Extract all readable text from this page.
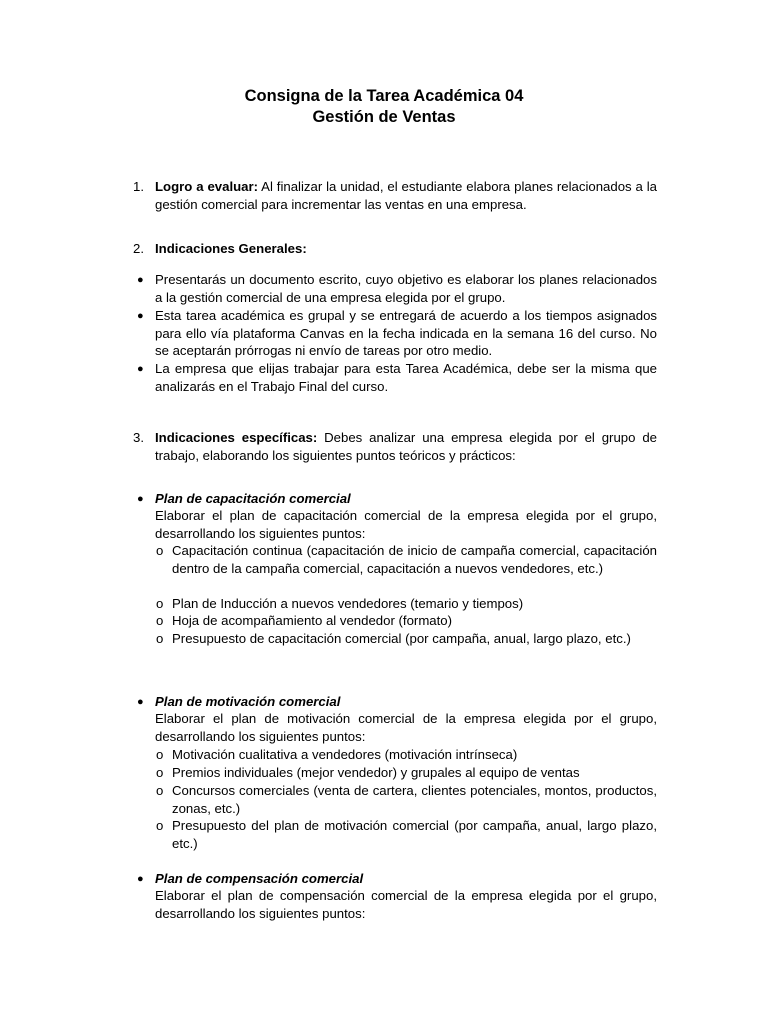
Consigna de la Tarea Académica 04
Gestión de Ventas
1. Logro a evaluar: Al finalizar la unidad, el estudiante elabora planes relacionados a la gestión comercial para incrementar las ventas en una empresa.
2. Indicaciones Generales:
● Presentarás un documento escrito, cuyo objetivo es elaborar los planes relacionados a la gestión comercial de una empresa elegida por el grupo.
● Esta tarea académica es grupal y se entregará de acuerdo a los tiempos asignados para ello vía plataforma Canvas en la fecha indicada en la semana 16 del curso. No se aceptarán prórrogas ni envío de tareas por otro medio.
● La empresa que elijas trabajar para esta Tarea Académica, debe ser la misma que analizarás en el Trabajo Final del curso.
3. Indicaciones específicas: Debes analizar una empresa elegida por el grupo de trabajo, elaborando los siguientes puntos teóricos y prácticos:
● Plan de capacitación comercial
Elaborar el plan de capacitación comercial de la empresa elegida por el grupo, desarrollando los siguientes puntos:
o Capacitación continua (capacitación de inicio de campaña comercial, capacitación dentro de la campaña comercial, capacitación a nuevos vendedores, etc.)
o Plan de Inducción a nuevos vendedores (temario y tiempos)
o Hoja de acompañamiento al vendedor (formato)
o Presupuesto de capacitación comercial (por campaña, anual, largo plazo, etc.)
● Plan de motivación comercial
Elaborar el plan de motivación comercial de la empresa elegida por el grupo, desarrollando los siguientes puntos:
o Motivación cualitativa a vendedores (motivación intrínseca)
o Premios individuales (mejor vendedor) y grupales al equipo de ventas
o Concursos comerciales (venta de cartera, clientes potenciales, montos, productos, zonas, etc.)
o Presupuesto del plan de motivación comercial (por campaña, anual, largo plazo, etc.)
● Plan de compensación comercial
Elaborar el plan de compensación comercial de la empresa elegida por el grupo, desarrollando los siguientes puntos:
